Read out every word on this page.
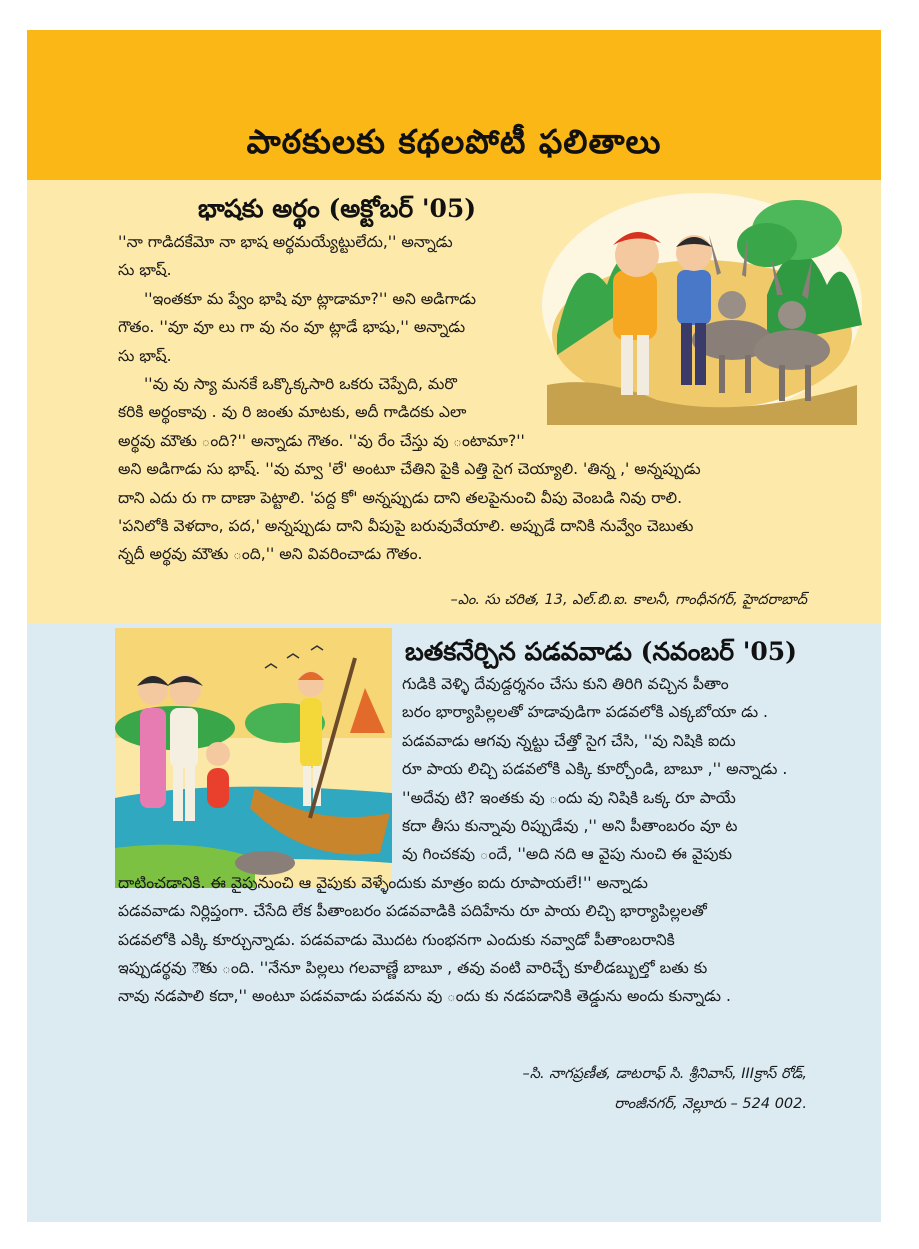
పాఠకులకు కథలపోటీ ఫలితాలు
భాషకు అర్థం (అక్టోబర్ '05)

''నా గాడిదకేమో నా భాష అర్థమయ్యేట్టులేదు,'' అన్నాడు

సు భాష్.

''ఇంతకూ మ ప్వేం భాషి వూ ట్లాడామా?'' అని అడిగాడు

గౌతం. ''వూ వూ లు గా వు నం వూ ట్లాడే భాషు,'' అన్నాడు

సు భాష్.

''వు వు స్యా మనకే ఒక్కొక్కసారి ఒకరు చెప్పేది, మరొ

కరికి అర్థంకావు . వు రి జంతు మాటకు, అదీ గాడిదకు ఎలా

అర్థవు మౌతు ంది?'' అన్నాడు గౌతం. ''వు రేం చేస్తు వు ంటామా?''

అని అడిగాడు సు భాష్. ''వు మ్వా 'లే' అంటూ చేతిని పైకి ఎత్తి సైగ చెయ్యాలి. 'తిన్న ,' అన్నప్పుడు

దాని ఎదు రు గా దాణా పెట్టాలి. 'పద్ద కో' అన్నప్పుడు దాని తలపైనుంచి వీపు వెంబడి నివు రాలి.

'పనిలోకి వెళదాం, పద,' అన్నప్పుడు దాని వీపుపై బరువువేయాలి. అప్పుడే దానికి నువ్వేం చెబుతు

న్నదీ అర్థవు మౌతు ంది,'' అని వివరించాడు గౌతం.

–ఎం. సు చరిత, 13, ఎల్.బి.ఐ. కాలనీ, గాంధీనగర్, హైదరాబాద్
బతకనేర్చిన పడవవాడు (నవంబర్ '05)

గుడికి వెళ్ళి దేవుడ్దర్శనం చేసు కుని తిరిగి వచ్చిన పీతాం

బరం భార్యాపిల్లలతో హడావుడిగా పడవలోకి ఎక్కబోయా డు .

పడవవాడు ఆగవు న్నట్టు చేత్తో సైగ చేసి, ''వు నిషికి ఐదు

రూ పాయ లిచ్చి పడవలోకి ఎక్కి కూర్చోండి, బాబూ ,'' అన్నాడు .

''అదేవు టి? ఇంతకు వు ందు వు నిషికి ఒక్క రూ పాయే

కదా తీసు కున్నావు రిప్పుడేవు ,'' అని పీతాంబరం వూ ట

వు గించకవు ందే, ''అది నది ఆ వైపు నుంచి ఈ వైపుకు

దాటించడానికి. ఈ వైపునుంచి ఆ వైపుకు వెళ్ళేందుకు మాత్రం ఐదు రూపాయలే!'' అన్నాడు

పడవవాడు నిర్లిప్తంగా. చేసేది లేక పీతాంబరం పడవవాడికి పదిహేను రూ పాయ లిచ్చి భార్యాపిల్లలతో

పడవలోకి ఎక్కి కూర్చున్నాడు. పడవవాడు మొదట గుంభనగా ఎందుకు నవ్వాడో పీతాంబరానికి

ఇప్పుడర్థవు ౌతు ంది. ''నేనూ పిల్లలు గలవాణ్ణే బాబూ , తవు వంటి వారిచ్చే కూలీడబ్బుల్తో బతు కు

నావు నడపాలి కదా,'' అంటూ పడవవాడు పడవను వు ందు కు నడపడానికి తెడ్డును అందు కున్నాడు .

–సి. నాగప్రణీత, డాటరాఫ్ సి. శ్రీనివాస్, IIIక్రాస్ రోడ్,
రాంజీనగర్, నెల్లూరు – 524 002.
